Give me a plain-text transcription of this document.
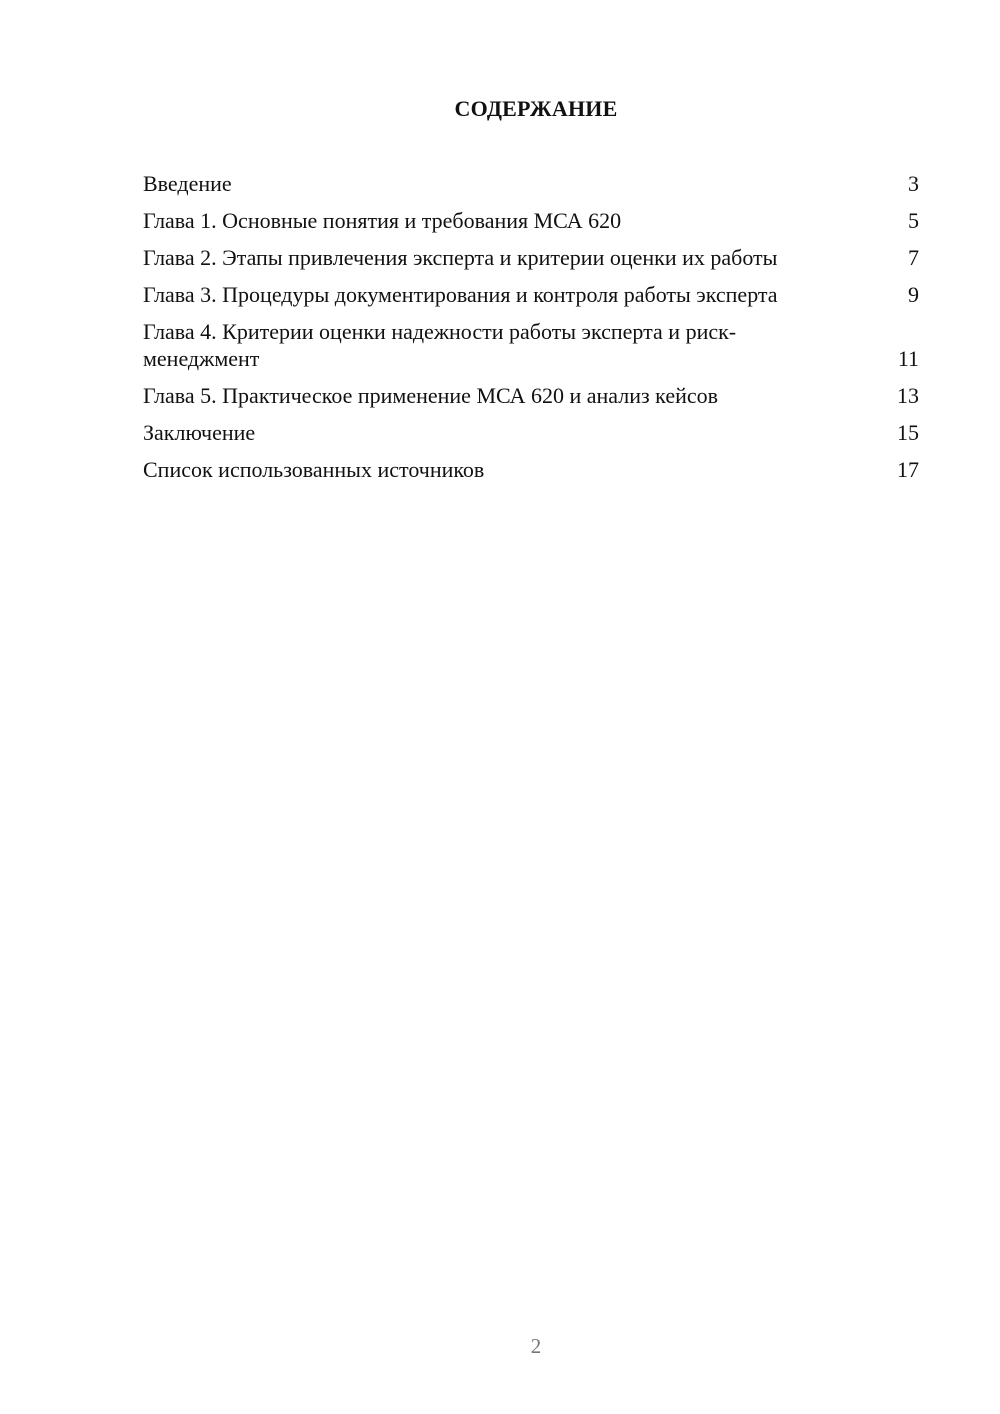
СОДЕРЖАНИЕ
Введение	3
Глава 1. Основные понятия и требования МСА 620	5
Глава 2. Этапы привлечения эксперта и критерии оценки их работы	7
Глава 3. Процедуры документирования и контроля работы эксперта	9
Глава 4. Критерии оценки надежности работы эксперта и риск-менеджмент	11
Глава 5. Практическое применение МСА 620 и анализ кейсов	13
Заключение	15
Список использованных источников	17
2
